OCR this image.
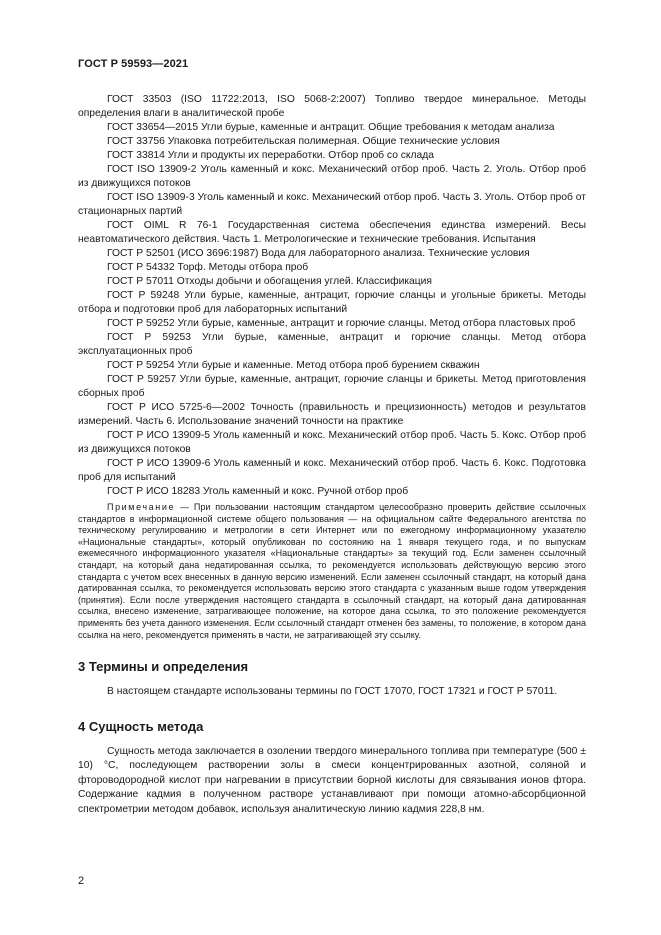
ГОСТ Р 59593—2021

ГОСТ 33503 (ISO 11722:2013, ISO 5068-2:2007) Топливо твердое минеральное. Методы определения влаги в аналитической пробе

ГОСТ 33654—2015 Угли бурые, каменные и антрацит. Общие требования к методам анализа

ГОСТ 33756 Упаковка потребительская полимерная. Общие технические условия

ГОСТ 33814 Угли и продукты их переработки. Отбор проб со склада

ГОСТ ISO 13909-2 Уголь каменный и кокс. Механический отбор проб. Часть 2. Уголь. Отбор проб из движущихся потоков

ГОСТ ISO 13909-3 Уголь каменный и кокс. Механический отбор проб. Часть 3. Уголь. Отбор проб от стационарных партий

ГОСТ OIML R 76-1 Государственная система обеспечения единства измерений. Весы неавтоматического действия. Часть 1. Метрологические и технические требования. Испытания

ГОСТ Р 52501 (ИСО 3696:1987) Вода для лабораторного анализа. Технические условия

ГОСТ Р 54332 Торф. Методы отбора проб

ГОСТ Р 57011 Отходы добычи и обогащения углей. Классификация

ГОСТ Р 59248 Угли бурые, каменные, антрацит, горючие сланцы и угольные брикеты. Методы отбора и подготовки проб для лабораторных испытаний

ГОСТ Р 59252 Угли бурые, каменные, антрацит и горючие сланцы. Метод отбора пластовых проб

ГОСТ Р 59253 Угли бурые, каменные, антрацит и горючие сланцы. Метод отбора эксплуатационных проб

ГОСТ Р 59254 Угли бурые и каменные. Метод отбора проб бурением скважин

ГОСТ Р 59257 Угли бурые, каменные, антрацит, горючие сланцы и брикеты. Метод приготовления сборных проб

ГОСТ Р ИСО 5725-6—2002 Точность (правильность и прецизионность) методов и результатов измерений. Часть 6. Использование значений точности на практике

ГОСТ Р ИСО 13909-5 Уголь каменный и кокс. Механический отбор проб. Часть 5. Кокс. Отбор проб из движущихся потоков

ГОСТ Р ИСО 13909-6 Уголь каменный и кокс. Механический отбор проб. Часть 6. Кокс. Подготовка проб для испытаний

ГОСТ Р ИСО 18283 Уголь каменный и кокс. Ручной отбор проб

Примечание — При пользовании настоящим стандартом целесообразно проверить действие ссылочных стандартов в информационной системе общего пользования — на официальном сайте Федерального агентства по техническому регулированию и метрологии в сети Интернет или по ежегодному информационному указателю «Национальные стандарты», который опубликован по состоянию на 1 января текущего года, и по выпускам ежемесячного информационного указателя «Национальные стандарты» за текущий год. Если заменен ссылочный стандарт, на который дана недатированная ссылка, то рекомендуется использовать действующую версию этого стандарта с учетом всех внесенных в данную версию изменений. Если заменен ссылочный стандарт, на который дана датированная ссылка, то рекомендуется использовать версию этого стандарта с указанным выше годом утверждения (принятия). Если после утверждения настоящего стандарта в ссылочный стандарт, на который дана датированная ссылка, внесено изменение, затрагивающее положение, на которое дана ссылка, то это положение рекомендуется применять без учета данного изменения. Если ссылочный стандарт отменен без замены, то положение, в котором дана ссылка на него, рекомендуется применять в части, не затрагивающей эту ссылку.

3 Термины и определения

В настоящем стандарте использованы термины по ГОСТ 17070, ГОСТ 17321 и ГОСТ Р 57011.

4 Сущность метода

Сущность метода заключается в озолении твердого минерального топлива при температуре (500 ± 10) °С, последующем растворении золы в смеси концентрированных азотной, соляной и фтороводородной кислот при нагревании в присутствии борной кислоты для связывания ионов фтора. Содержание кадмия в полученном растворе устанавливают при помощи атомно-абсорбционной спектрометрии методом добавок, используя аналитическую линию кадмия 228,8 нм.

2
